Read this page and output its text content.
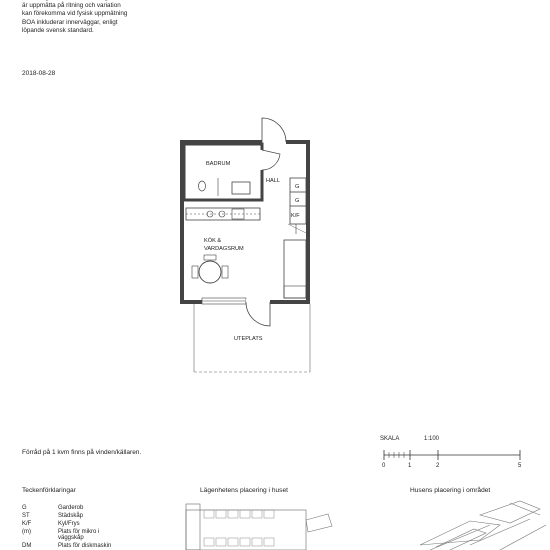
är uppmätta på ritning och variation
kan förekomma vid fysisk uppmätning
BOA inkluderar innerväggar, enligt
löpande svensk standard.
2018-08-28
BADRUM
HALL
KÖK &
VARDAGSRUM
UTEPLATS
G
G
K/F
SKALA	1:100
0	1	2	5
Förråd på 1 kvm finns på vinden/källaren.
Teckenförklaringar	Lägenhetens placering i huset	Husens placering i området
G	Garderob
ST	Städskåp
K/F	Kyl/Frys
(m)	Plats för mikro i
väggskåp
DM	Plats för diskmaskin
